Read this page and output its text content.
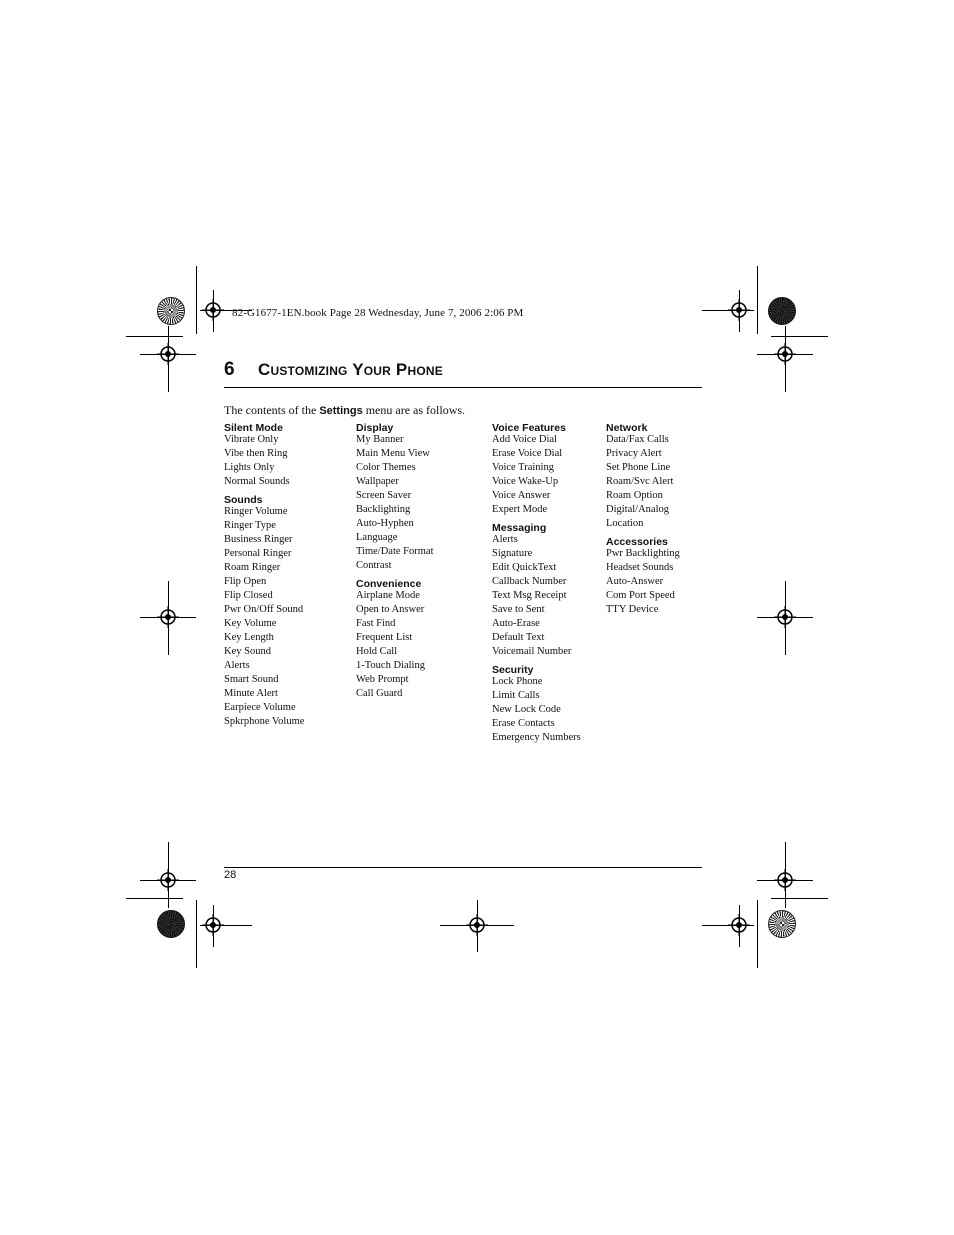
82-G1677-1EN.book Page 28 Wednesday, June 7, 2006 2:06 PM
6 Customizing Your Phone
The contents of the Settings menu are as follows.
Silent Mode
Vibrate Only
Vibe then Ring
Lights Only
Normal Sounds
Sounds
Ringer Volume
Ringer Type
Business Ringer
Personal Ringer
Roam Ringer
Flip Open
Flip Closed
Pwr On/Off Sound
Key Volume
Key Length
Key Sound
Alerts
Smart Sound
Minute Alert
Earpiece Volume
Spkrphone Volume
Display
My Banner
Main Menu View
Color Themes
Wallpaper
Screen Saver
Backlighting
Auto-Hyphen
Language
Time/Date Format
Contrast
Convenience
Airplane Mode
Open to Answer
Fast Find
Frequent List
Hold Call
1-Touch Dialing
Web Prompt
Call Guard
Voice Features
Add Voice Dial
Erase Voice Dial
Voice Training
Voice Wake-Up
Voice Answer
Expert Mode
Messaging
Alerts
Signature
Edit QuickText
Callback Number
Text Msg Receipt
Save to Sent
Auto-Erase
Default Text
Voicemail Number
Security
Lock Phone
Limit Calls
New Lock Code
Erase Contacts
Emergency Numbers
Network
Data/Fax Calls
Privacy Alert
Set Phone Line
Roam/Svc Alert
Roam Option
Digital/Analog
Location
Accessories
Pwr Backlighting
Headset Sounds
Auto-Answer
Com Port Speed
TTY Device
28
